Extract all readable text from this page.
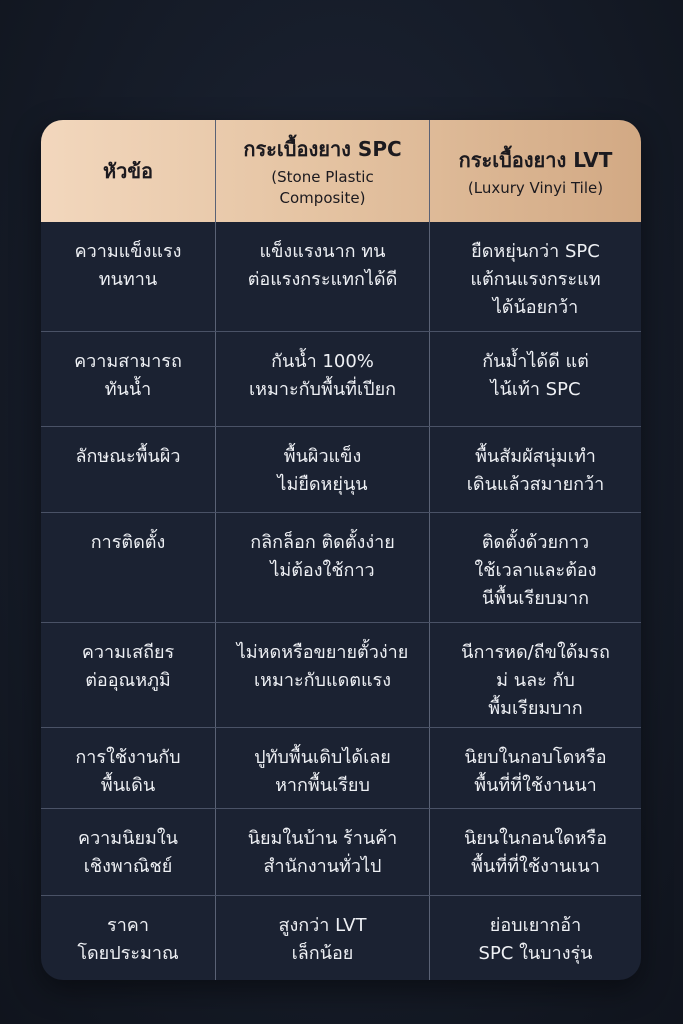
หัวข้อ
กระเบื้องยาง SPC
(Stone Plastic
Composite)
กระเบื้องยาง LVT
(Luxury Vinyi Tile)
ความแข็งแรง
ทนทาน
แข็งแรงนาก ทน
ต่อแรงกระแทกได้ดี
ยืดหยุ่นกว่า SPC
แต้กนแรงกระแท
ได้น้อยกว้า
ความสามารถ
ทันน้ำ
กันน้ำ 100%
เหมาะกับพื้นที่เปียก
กันม้ำได้ดี แต่
ไน้เท้า SPC
ลักษณะพื้นผิว	พื้นผิวแข็ง
ไม่ยืดหยุ่นุน
พื้นสัมผัสนุ่มเทำ
เดินแล้วสมายกว้า
การติดตั้ง	กลิกล็อก ติดตั้งง่าย
ไม่ต้องใช้กาว
ติดตั้งด้วยกาว
ใช้เวลาและต้อง
นีพื้นเรียบมาก
ความเสถียร
ต่ออุณหภูมิ
ไม่หดหรือขยายตั้วง่าย
เหมาะกับแดตแรง
นีการหด/ถีขใด้มรถ
ม่ นละ กับ
พื้มเรียมบาก
การใช้งานกับ
พื้นเดิน
ปูทับพื้นเดิบได้เลย
หากพื้นเรียบ
นิยบในกอบโดหรือ
พื้นที่ที่ใช้งานนา
ความนิยมใน
เชิงพาณิชย์
นิยมในบ้าน ร้านค้า
สำนักงานทั่วไป
นิยนในกอนใดหรือ
พื้นที่ที่ใช้งานเนา
ราคา
โดยประมาณ
สูงกว่า LVT
เล็กน้อย
ย่อบเยากอ้า
SPC ในบางรุ่น
